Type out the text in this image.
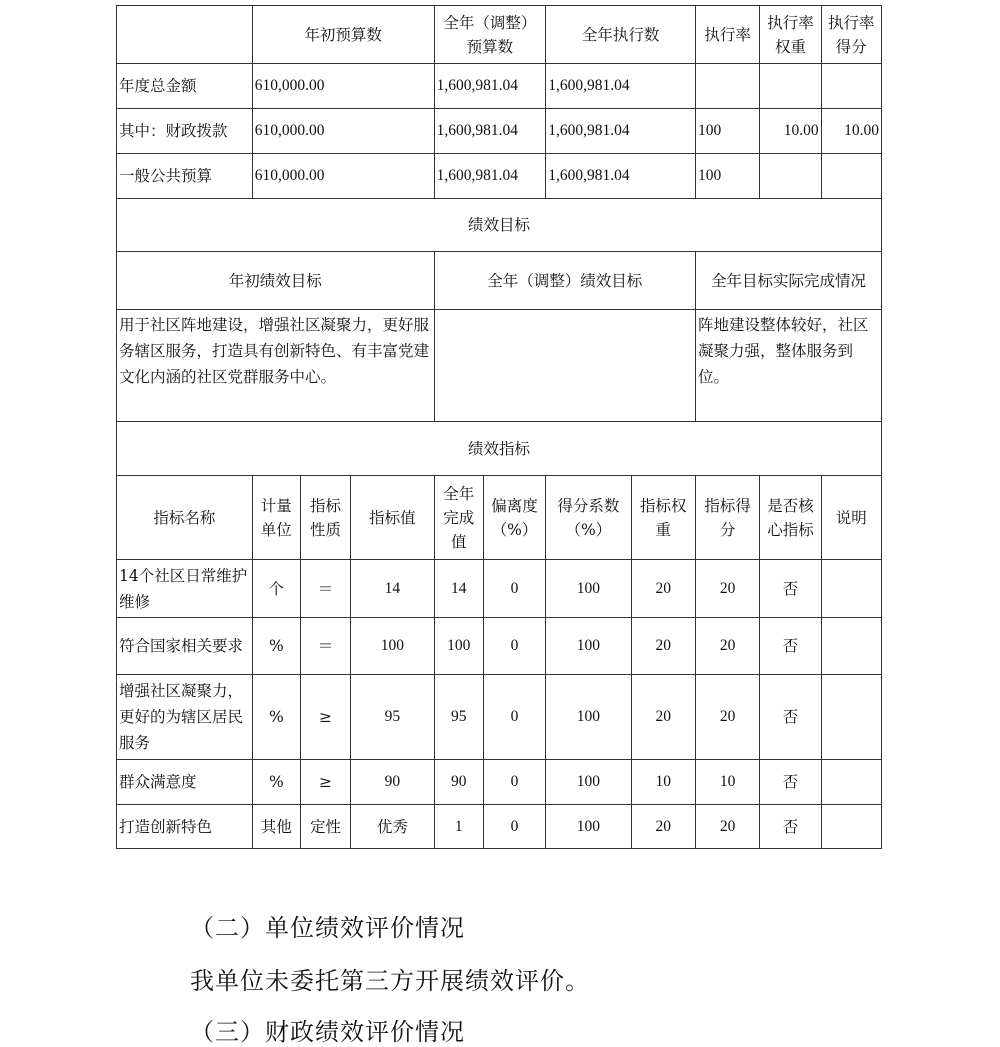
	年初预算数			全年（调整）预算数		全年执行数		执行率	执行率权重	执行率得分
年度总金额	610,000.00			1,600,981.04		1,600,981.04				
其中：财政拨款	610,000.00			1,600,981.04		1,600,981.04		100	10.00	10.00
一般公共预算	610,000.00			1,600,981.04		1,600,981.04		100		
绩效目标										
年初绩效目标				全年（调整）绩效目标				全年目标实际完成情况		
用于社区阵地建设，增强社区凝聚力，更好服务辖区服务，打造具有创新特色、有丰富党建文化内涵的社区党群服务中心。								阵地建设整体较好，社区凝聚力强，整体服务到位。		
绩效指标										
指标名称	计量单位	指标性质	指标值	全年完成值	偏离度（%）	得分系数（%）	指标权重	指标得分	是否核心指标	说明
14个社区日常维护维修	个	＝	14	14	0	100	20	20	否	
符合国家相关要求	%	＝	100	100	0	100	20	20	否	
增强社区凝聚力，更好的为辖区居民服务	%	≥	95	95	0	100	20	20	否	
群众满意度	%	≥	90	90	0	100	10	10	否	
打造创新特色	其他	定性	优秀	1	0	100	20	20	否	
（二）单位绩效评价情况
我单位未委托第三方开展绩效评价。
（三）财政绩效评价情况
